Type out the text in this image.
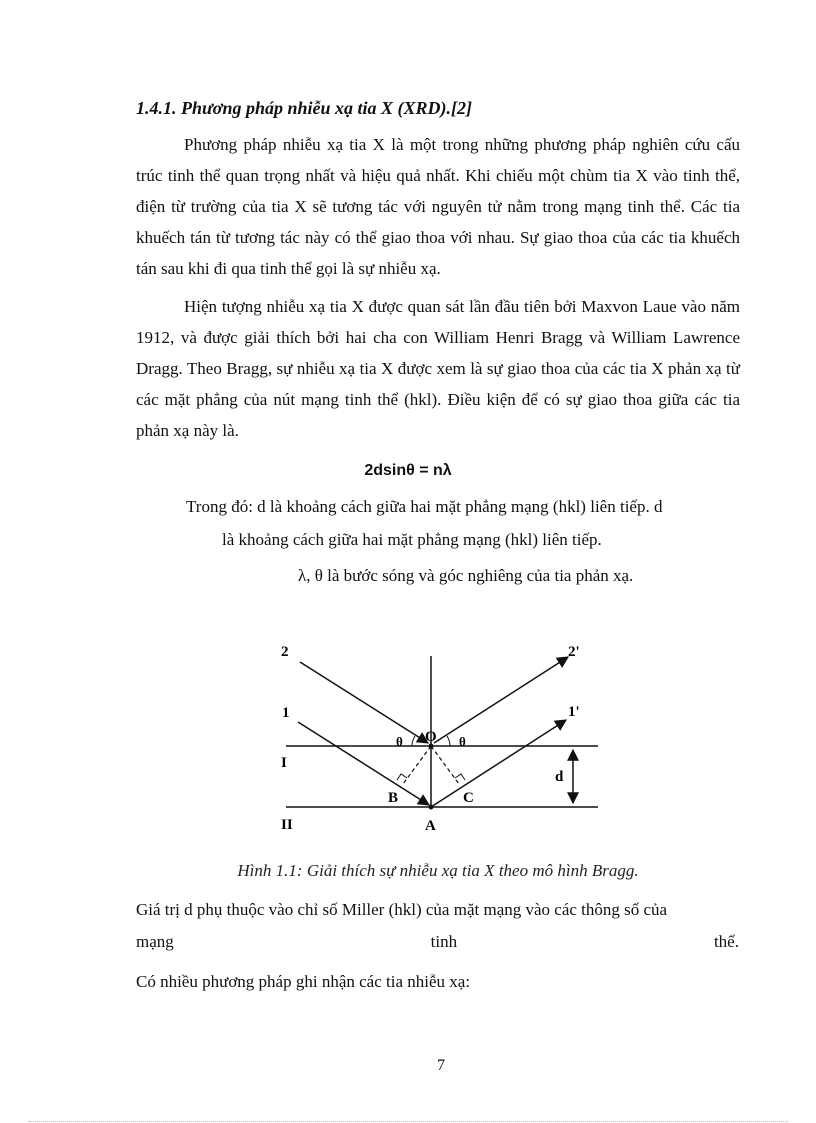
1.4.1. Phương pháp nhiễu xạ tia X (XRD).[2]

Phương pháp nhiễu xạ tia X là một trong những phương pháp nghiên cứu cấu trúc tinh thể quan trọng nhất và hiệu quả nhất. Khi chiếu một chùm tia X vào tinh thể, điện từ trường của tia X sẽ tương tác với nguyên tử nằm trong mạng tinh thể. Các tia khuếch tán từ tương tác này có thể giao thoa với nhau. Sự giao thoa của các tia khuếch tán sau khi đi qua tinh thể gọi là sự nhiễu xạ.

Hiện tượng nhiễu xạ tia X được quan sát lần đầu tiên bởi Maxvon Laue vào năm 1912, và được giải thích bởi hai cha con William Henri Bragg và William Lawrence Dragg. Theo Bragg, sự nhiễu xạ tia X được xem là sự giao thoa của các tia X phản xạ từ các mặt phẳng của nút mạng tinh thể (hkl). Điều kiện để có sự giao thoa giữa các tia phản xạ này là.

2dsinθ = nλ
Trong đó: d là khoảng cách giữa hai mặt phẳng mạng (hkl) liên tiếp. d
là khoảng cách giữa hai mặt phẳng mạng (hkl) liên tiếp.
λ, θ là bước sóng và góc nghiêng của tia phản xạ.
2	2'
1	1'
O
θ	θ
I
II
d
B	C
A
Hình 1.1: Giải thích sự nhiễu xạ tia X theo mô hình Bragg.
Giá trị d phụ thuộc vào chỉ số Miller (hkl) của mặt mạng vào các thông số của
mạng	tinh	thể.
Có nhiều phương pháp ghi nhận các tia nhiễu xạ:
7
